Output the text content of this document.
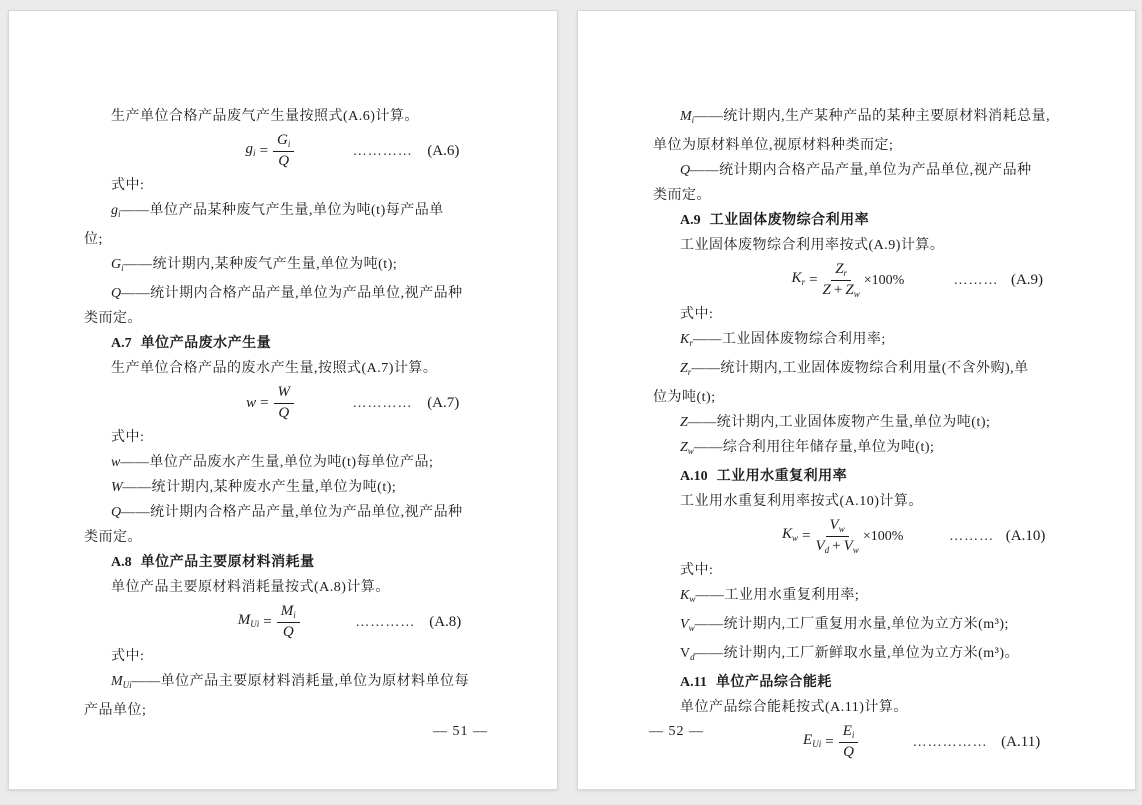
生产单位合格产品废气产生量按照式(A.6)计算。
$g_i = \frac{G_i}{Q}$	………… (A.6)
式中:
$g_i——$单位产品某种废气产生量,单位为吨(t)每产品单
位;
$G_i——$统计期内,某种废气产生量,单位为吨(t);
Q——统计期内合格产品产量,单位为产品单位,视产品种
类而定。
A.7 单位产品废水产生量
生产单位合格产品的废水产生量,按照式(A.7)计算。
$w = \frac{W}{Q}$	………… (A.7)
式中:
w——单位产品废水产生量,单位为吨(t)每单位产品;
W——统计期内,某种废水产生量,单位为吨(t);
Q——统计期内合格产品产量,单位为产品单位,视产品种
类而定。
A.8 单位产品主要原材料消耗量
单位产品主要原材料消耗量按式(A.8)计算。
$M_{Ui} = \frac{M_i}{Q}$	………… (A.8)
式中:
$M_{Ui}——$单位产品主要原材料消耗量,单位为原材料单位每
产品单位;
— 51 —
$M_i——$统计期内,生产某种产品的某种主要原材料消耗总量,
单位为原材料单位,视原材料种类而定;
Q——统计期内合格产品产量,单位为产品单位,视产品种
类而定。
A.9 工业固体废物综合利用率
工业固体废物综合利用率按式(A.9)计算。
$K_r = \frac{Z_r}{Z + Z_w} \times 100\%$	……… (A.9)
式中:
$K_r——$工业固体废物综合利用率;
$Z_r——$统计期内,工业固体废物综合利用量(不含外购),单
位为吨(t);
Z——统计期内,工业固体废物产生量,单位为吨(t);
$Z_w——$综合利用往年储存量,单位为吨(t);
A.10 工业用水重复利用率
工业用水重复利用率按式(A.10)计算。
$K_w = \frac{V_w}{V_d + V_w} \times 100\%$	……… (A.10)
式中:
$K_w——$工业用水重复利用率;
$V_w——$统计期内,工厂重复用水量,单位为立方米(m³);
$V_d——$统计期内,工厂新鲜取水量,单位为立方米(m³)。
A.11 单位产品综合能耗
单位产品综合能耗按式(A.11)计算。
$E_{Ui} = \frac{E_i}{Q}$	…………… (A.11)
— 52 —
